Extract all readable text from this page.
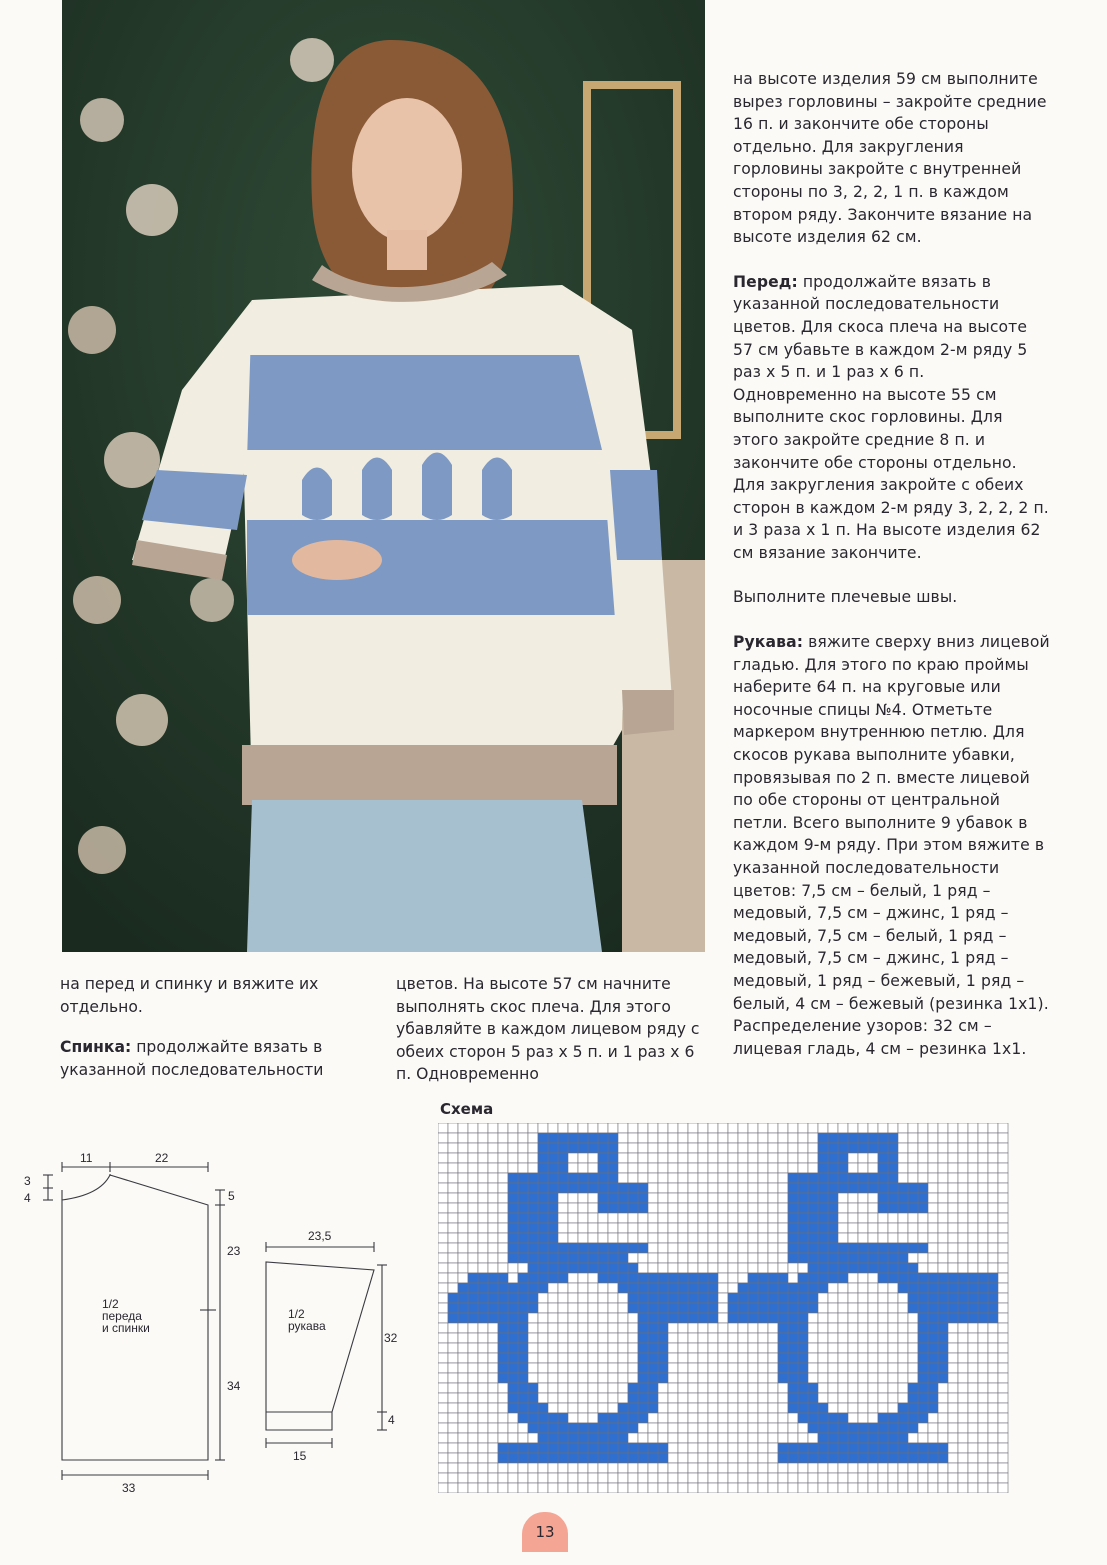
на высоте изделия 59 см выполните вырез горловины – закройте средние 16 п. и закончите обе стороны отдельно. Для закругления горловины закройте с внутренней стороны по 3, 2, 2, 1 п. в каждом втором ряду. Закончите вязание на высоте изделия 62 см.

Перед: продолжайте вязать в указанной последовательности цветов. Для скоса плеча на высоте 57 см убавьте в каждом 2-м ряду 5 раз х 5 п. и 1 раз х 6 п. Одновременно на высоте 55 см выполните скос горловины. Для этого закройте средние 8 п. и закончите обе стороны отдельно. Для закругления закройте с обеих сторон в каждом 2-м ряду 3, 2, 2, 2 п. и 3 раза х 1 п. На высоте изделия 62 см вязание закончите.

Выполните плечевые швы.

Рукава: вяжите сверху вниз лицевой гладью. Для этого по краю проймы наберите 64 п. на круговые или носочные спицы №4. Отметьте маркером внутреннюю петлю. Для скосов рукава выполните убавки, провязывая по 2 п. вместе лицевой по обе стороны от центральной петли. Всего выполните 9 убавок в каждом 9-м ряду. При этом вяжите в указанной последовательности цветов: 7,5 см – белый, 1 ряд – медовый, 7,5 см – джинс, 1 ряд – медовый, 7,5 см – белый, 1 ряд – медовый, 7,5 см – джинс, 1 ряд – медовый, 1 ряд – бежевый, 1 ряд – белый, 4 см – бежевый (резинка 1х1). Распределение узоров: 32 см – лицевая гладь, 4 см – резинка 1х1.

на перед и спинку и вяжите их отдельно.

Спинка: продолжайте вязать в указанной последовательности

цветов. На высоте 57 см начните выполнять скос плеча. Для этого убавляйте в каждом лицевом ряду с обеих сторон 5 раз х 5 п. и 1 раз х 6 п. Одновременно

Схема
11	22
3
4	5
23
34
33
1/2
переда
и спинки
23,5
32
4
15
1/2
рукава
13
